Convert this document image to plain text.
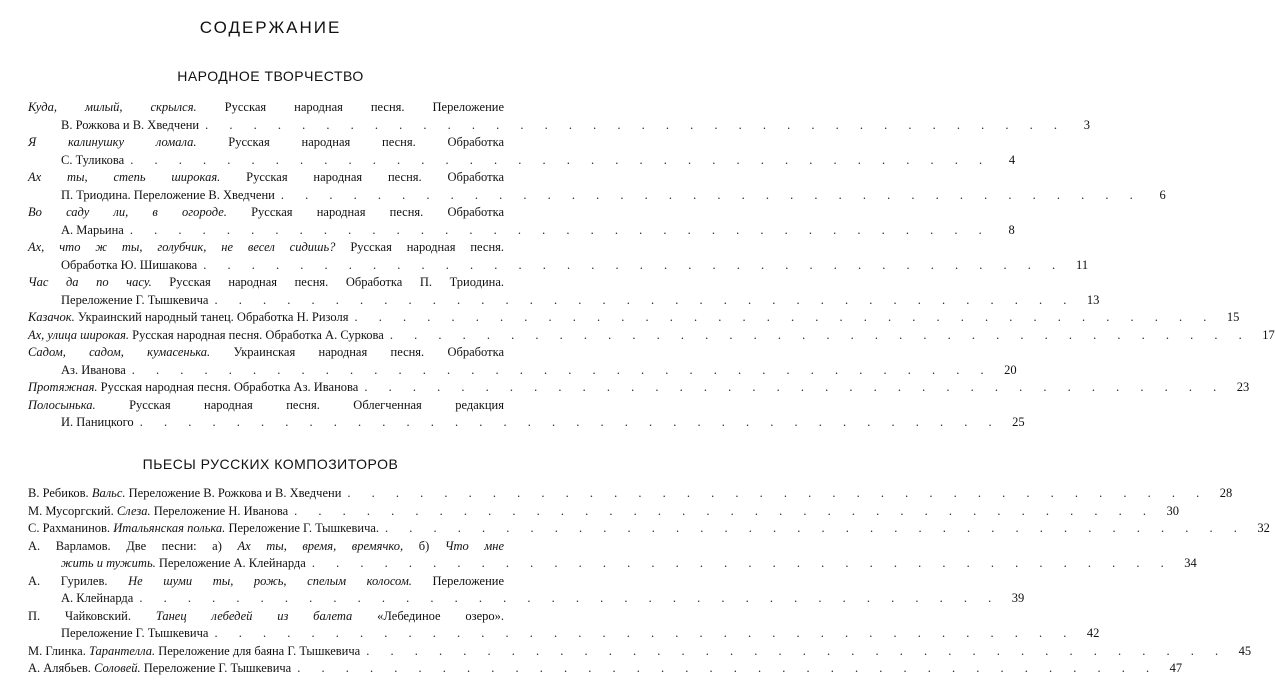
СОДЕРЖАНИЕ
НАРОДНОЕ ТВОРЧЕСТВО
Куда, милый, скрылся. Русская народная песня. Переложение
В. Рожкова и В. Хведчени . . . . . . . . . . . . . . . . . . . . . . . . . . . . . . . . . . . .	3
Я калинушку ломала.	Русская народная песня. Обработка
С. Туликова . . . . . . . . . . . . . . . . . . . . . . . . . . . . . . . . . . . .	4
Ах ты, степь широкая. Русская народная песня. Обработка
П. Триодина. Переложение В. Хведчени . . . . . . . . . . . . . . . . . . . . . . . . . . . . . . . . . . . .	6
Во саду ли, в огороде. Русская народная песня. Обработка
А. Марьина . . . . . . . . . . . . . . . . . . . . . . . . . . . . . . . . . . . .	8
Ах, что ж ты, голубчик, не весел сидишь? Русская народная песня.
Обработка Ю. Шишакова . . . . . . . . . . . . . . . . . . . . . . . . . . . . . . . . . . . . 11
Час да по часу. Русская народная песня. Обработка П. Триодина.
Переложение Г. Тышкевича . . . . . . . . . . . . . . . . . . . . . . . . . . . . . . . . . . . . 13
Казачок. Украинский народный танец. Обработка Н. Ризоля . . . . . . . . . . . . . . . . . . . . . . . . . . . . . . . . . . . . 15
Ах, улица широкая. Русская народная песня. Обработка А. Суркова . . . . . . . . . . . . . . . . . . . . . . . . . . . . . . . . . . . . 17
Садом, садом, кумасенька. Украинская народная песня. Обработка
Аз. Иванова . . . . . . . . . . . . . . . . . . . . . . . . . . . . . . . . . . . . 20
Протяжная. Русская народная песня. Обработка Аз. Иванова . . . . . . . . . . . . . . . . . . . . . . . . . . . . . . . . . . . . 23
Полосынька.	Русская народная песня. Облегченная редакция
И. Паницкого . . . . . . . . . . . . . . . . . . . . . . . . . . . . . . . . . . . . 25
ПЬЕСЫ РУССКИХ КОМПОЗИТОРОВ
В. Ребиков. Вальс. Переложение В. Рожкова и В. Хведчени . . . . . . . . . . . . . . . . . . . . . . . . . . . . . . . . . . . . 28
М. Мусоргский. Слеза. Переложение Н. Иванова . . . . . . . . . . . . . . . . . . . . . . . . . . . . . . . . . . . . 30
С. Рахманинов. Итальянская полька. Переложение Г. Тышкевича. . . . . . . . . . . . . . . . . . . . . . . . . . . . . . . . . . . . . 32
А. Варламов. Две песни: а) Ах ты, время, времячко, б) Что мне
жить и тужить. Переложение А. Клейнарда . . . . . . . . . . . . . . . . . . . . . . . . . . . . . . . . . . . . 34
А. Гурилев. Не шуми ты, рожь, спелым колосом. Переложение
А. Клейнарда . . . . . . . . . . . . . . . . . . . . . . . . . . . . . . . . . . . . 39
П. Чайковский. Танец лебедей из балета «Лебединое озеро».
Переложение Г. Тышкевича . . . . . . . . . . . . . . . . . . . . . . . . . . . . . . . . . . . . 42
М. Глинка. Тарантелла. Переложение для баяна Г. Тышкевича . . . . . . . . . . . . . . . . . . . . . . . . . . . . . . . . . . . . 45
А. Алябьев. Соловей. Переложение Г. Тышкевича . . . . . . . . . . . . . . . . . . . . . . . . . . . . . . . . . . . . 47
